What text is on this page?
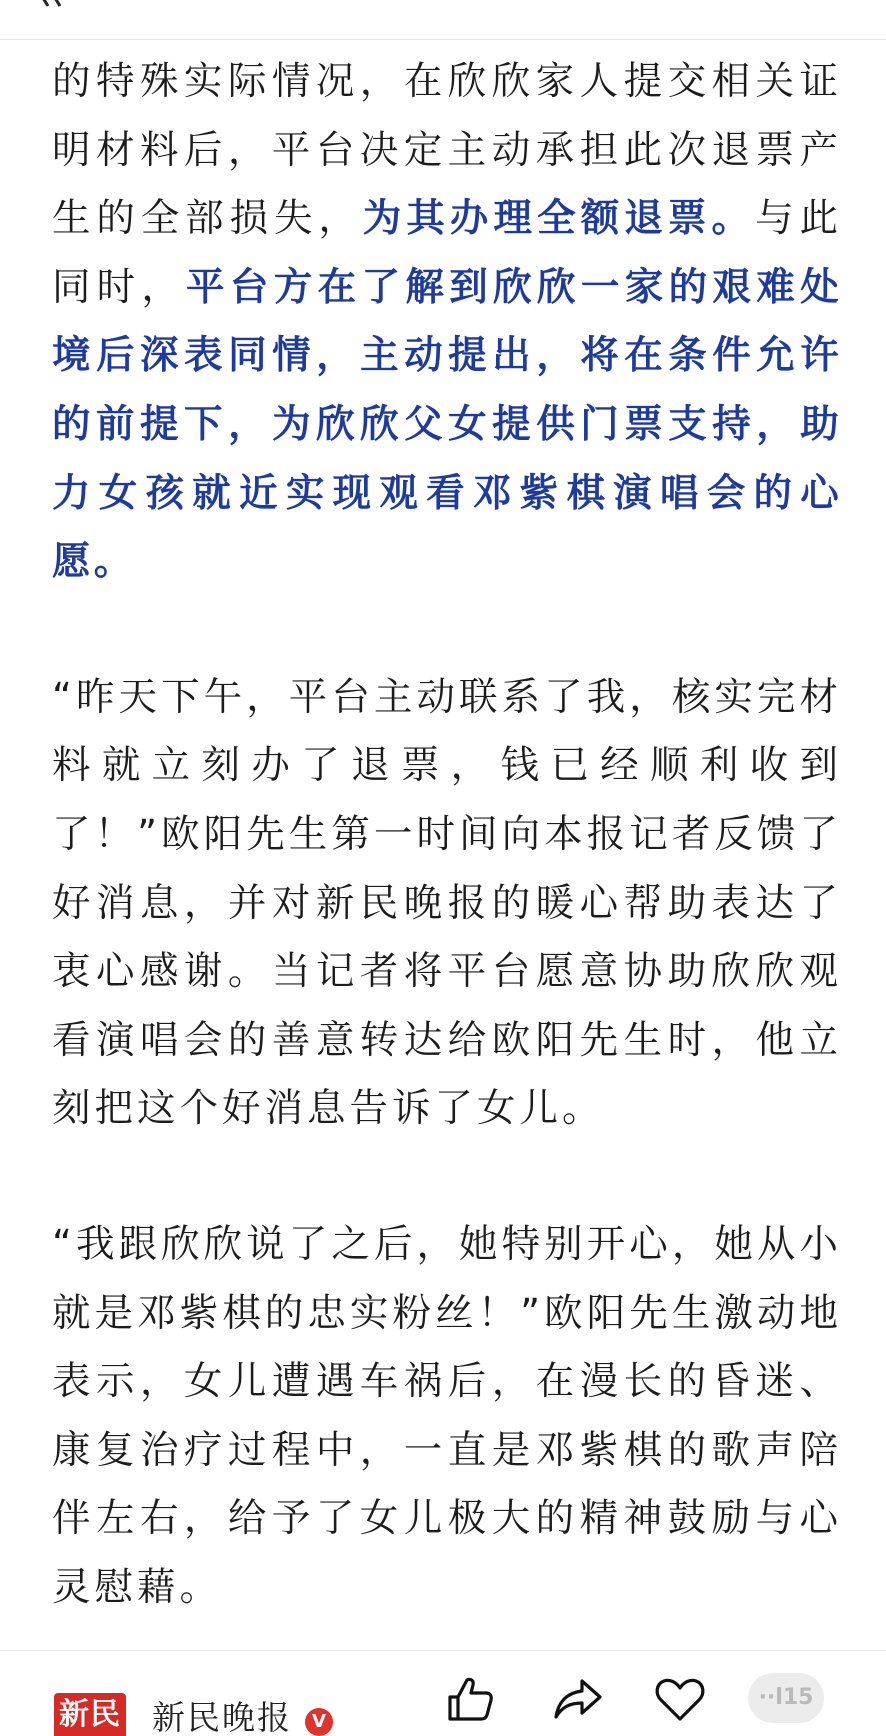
的特殊实际情况，在欣欣家人提交相关证明材料后，平台决定主动承担此次退票产生的全部损失，为其办理全额退票。与此同时，平台方在了解到欣欣一家的艰难处境后深表同情，主动提出，将在条件允许的前提下，为欣欣父女提供门票支持，助力女孩就近实现观看邓紫棋演唱会的心愿。

“昨天下午，平台主动联系了我，核实完材料就立刻办了退票，钱已经顺利收到了！”欧阳先生第一时间向本报记者反馈了好消息，并对新民晚报的暖心帮助表达了衷心感谢。当记者将平台愿意协助欣欣观看演唱会的善意转达给欧阳先生时，他立刻把这个好消息告诉了女儿。

“我跟欣欣说了之后，她特别开心，她从小就是邓紫棋的忠实粉丝！”欧阳先生激动地表示，女儿遭遇车祸后，在漫长的昏迷、康复治疗过程中，一直是邓紫棋的歌声陪伴左右，给予了女儿极大的精神鼓励与心灵慰藉。

新民 新民晚报	V
··l15
